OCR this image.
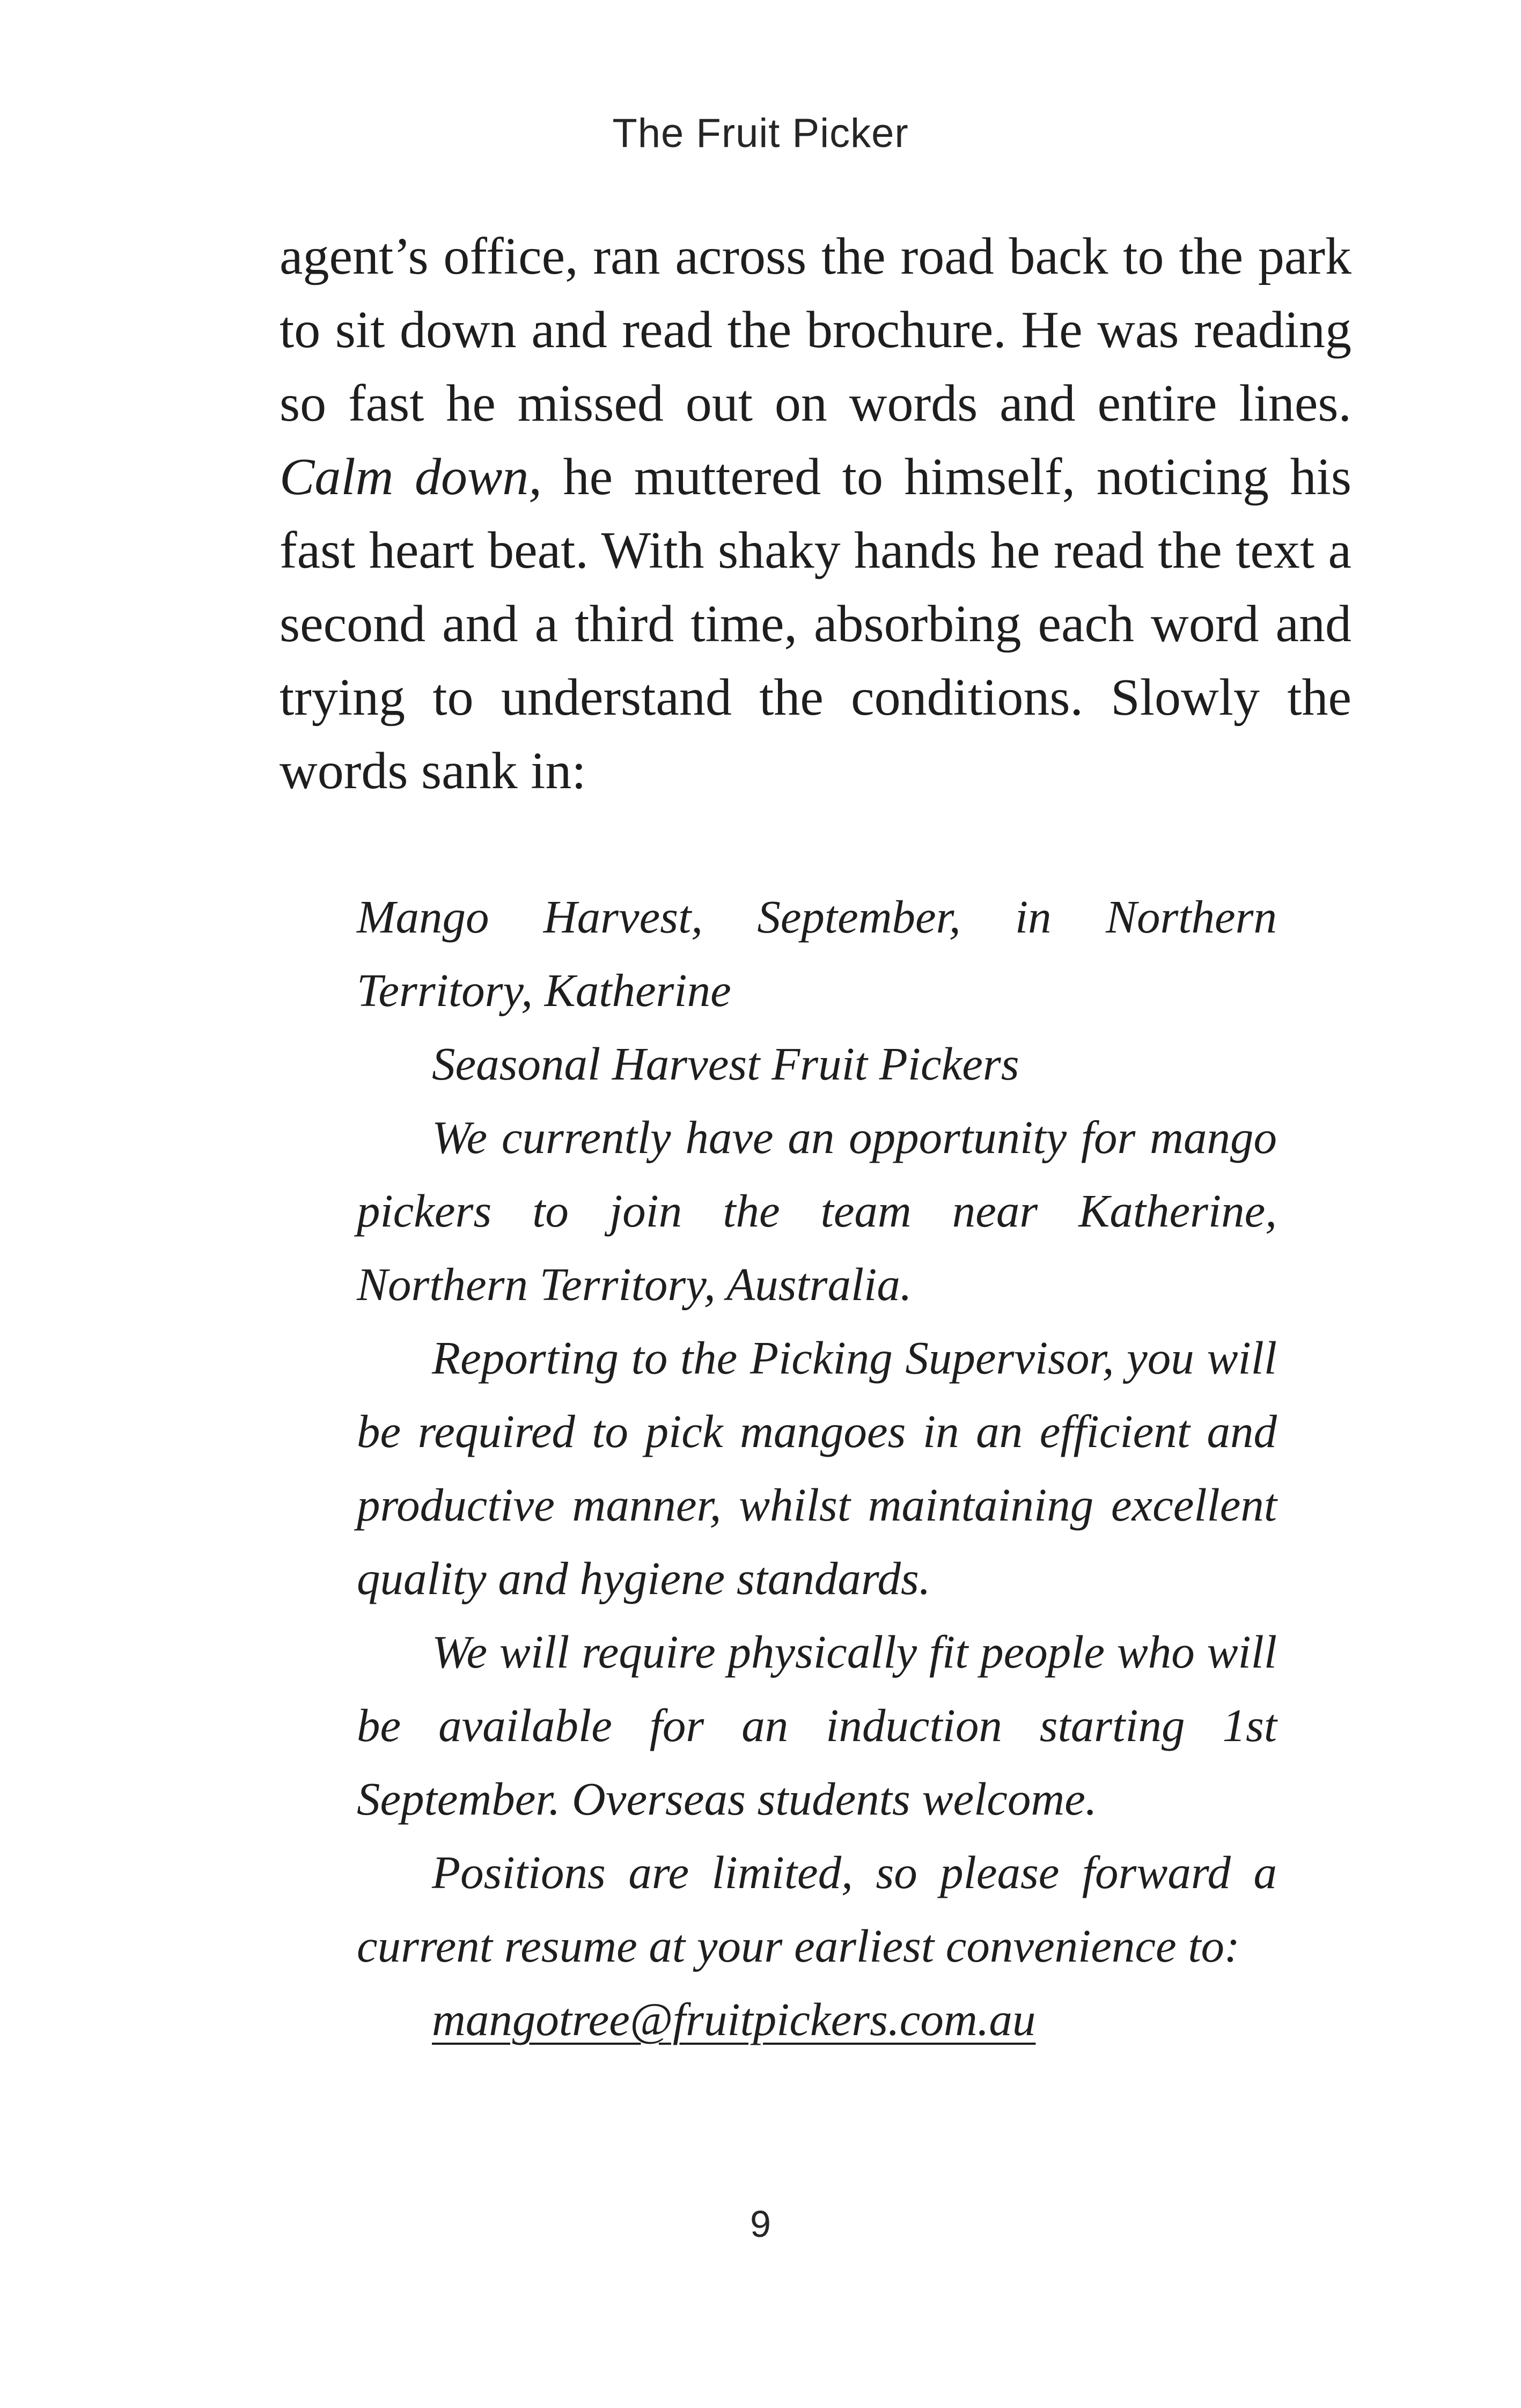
The Fruit Picker

agent’s office, ran across the road back to the park to sit down and read the brochure. He was reading so fast he missed out on words and entire lines. Calm down, he muttered to himself, noticing his fast heart beat. With shaky hands he read the text a second and a third time, absorbing each word and trying to understand the conditions. Slowly the words sank in:

Mango Harvest, September, in Northern Territory, Katherine

Seasonal Harvest Fruit Pickers

We currently have an opportunity for mango pickers to join the team near Katherine, Northern Territory, Australia.

Reporting to the Picking Supervisor, you will be required to pick mangoes in an efficient and productive manner, whilst maintaining excellent quality and hygiene standards.

We will require physically fit people who will be available for an induction starting 1st September. Overseas students welcome.

Positions are limited, so please forward a current resume at your earliest convenience to:

mangotree@fruitpickers.com.au

9
